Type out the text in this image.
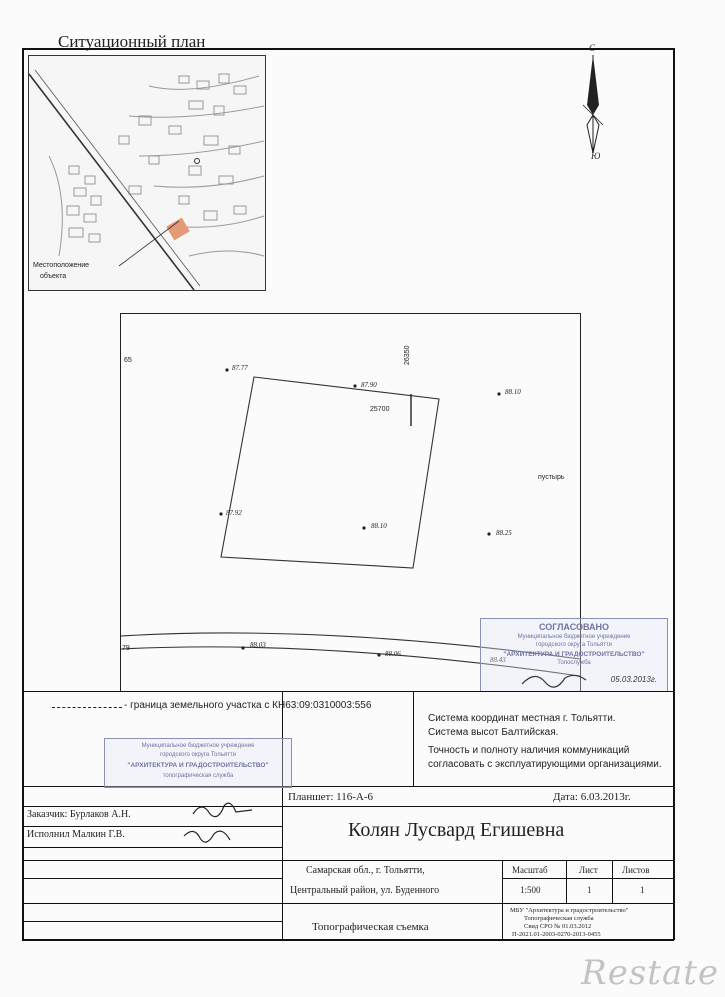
Ситуационный план
Местоположение
объекта
С
Ю
65
79
87.77
87.90
88.10
87.92
88.10
88.25
88.03
88.06
88.43
25700
26350
пустырь
СОГЛАСОВАНО
Муниципальное бюджетное учреждение
городского округа Тольятти
"АРХИТЕКТУРА И ГРАДОСТРОИТЕЛЬСТВО"
Топослужба
05.03.2013г.
- граница земельного участка с КН63:09:0310003:556
Система координат местная г. Тольятти.
Система высот Балтийская.
Точность и полноту наличия коммуникаций
согласовать с эксплуатирующими организациями.
Муниципальное бюджетное учреждение
городского округа Тольятти
"АРХИТЕКТУРА И ГРАДОСТРОИТЕЛЬСТВО"
топографическая служба
Планшет: 116-А-6	Дата: 6.03.2013г.
Заказчик: Бурлаков А.Н.
Исполнил Малкин Г.В.	Колян Лусвард Егишевна
Самарская обл., г. Тольятти,
Центральный район, ул. Буденного
Топографическая съемка
Масштаб
1:500
Лист
1
Листов
1
МБУ "Архитектура и градостроительство"
Топографическая служба
Свид СРО № 01.03.2012
П-2021.01-2003-0270-2013-0455
Restate
